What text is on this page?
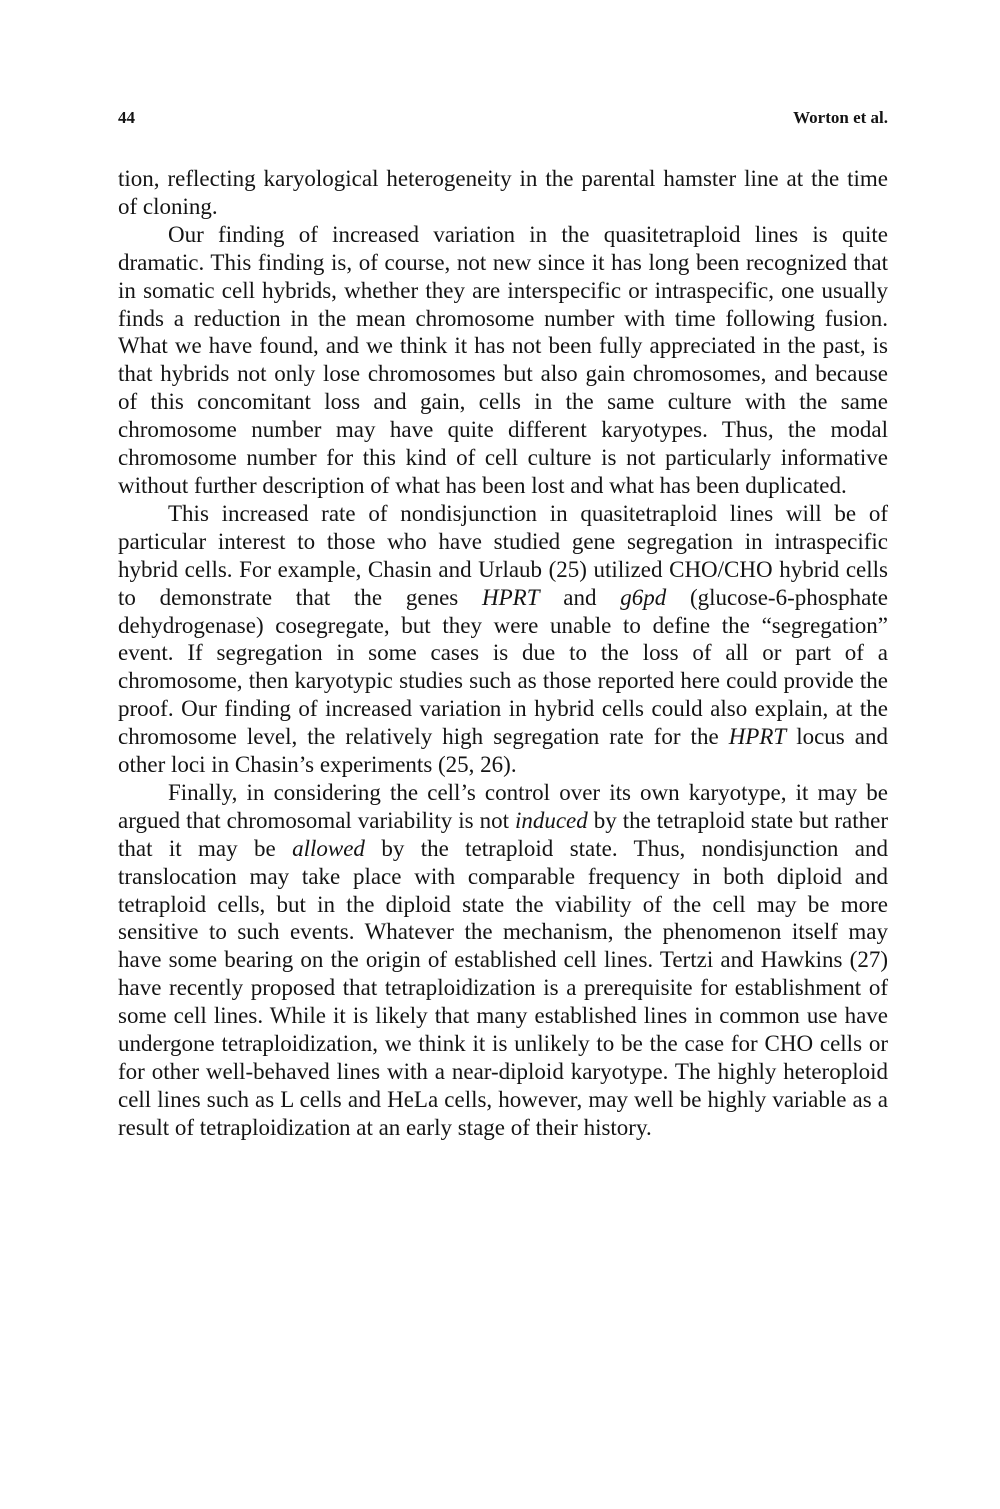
44	Worton et al.

tion, reflecting karyological heterogeneity in the parental hamster line at the time of cloning.

Our finding of increased variation in the quasitetraploid lines is quite dramatic. This finding is, of course, not new since it has long been recognized that in somatic cell hybrids, whether they are interspecific or intraspecific, one usually finds a reduction in the mean chromosome number with time following fusion. What we have found, and we think it has not been fully appreciated in the past, is that hybrids not only lose chromosomes but also gain chromosomes, and because of this concomitant loss and gain, cells in the same culture with the same chromosome number may have quite different karyotypes. Thus, the modal chromosome number for this kind of cell culture is not particularly informative without further description of what has been lost and what has been duplicated.

This increased rate of nondisjunction in quasitetraploid lines will be of particular interest to those who have studied gene segregation in intraspecific hybrid cells. For example, Chasin and Urlaub (25) utilized CHO/CHO hybrid cells to demonstrate that the genes HPRT and g6pd (glucose-6-phosphate dehydrogenase) cosegregate, but they were unable to define the “segregation” event. If segregation in some cases is due to the loss of all or part of a chromosome, then karyotypic studies such as those reported here could provide the proof. Our finding of increased variation in hybrid cells could also explain, at the chromosome level, the relatively high segregation rate for the HPRT locus and other loci in Chasin’s experiments (25, 26).

Finally, in considering the cell’s control over its own karyotype, it may be argued that chromosomal variability is not induced by the tetraploid state but rather that it may be allowed by the tetraploid state. Thus, nondisjunction and translocation may take place with comparable frequency in both diploid and tetraploid cells, but in the diploid state the viability of the cell may be more sensitive to such events. Whatever the mechanism, the phenomenon itself may have some bearing on the origin of established cell lines. Tertzi and Hawkins (27) have recently proposed that tetraploidization is a prerequisite for establishment of some cell lines. While it is likely that many established lines in common use have undergone tetraploidization, we think it is unlikely to be the case for CHO cells or for other well-behaved lines with a near-diploid karyotype. The highly heteroploid cell lines such as L cells and HeLa cells, however, may well be highly variable as a result of tetraploidization at an early stage of their history.
